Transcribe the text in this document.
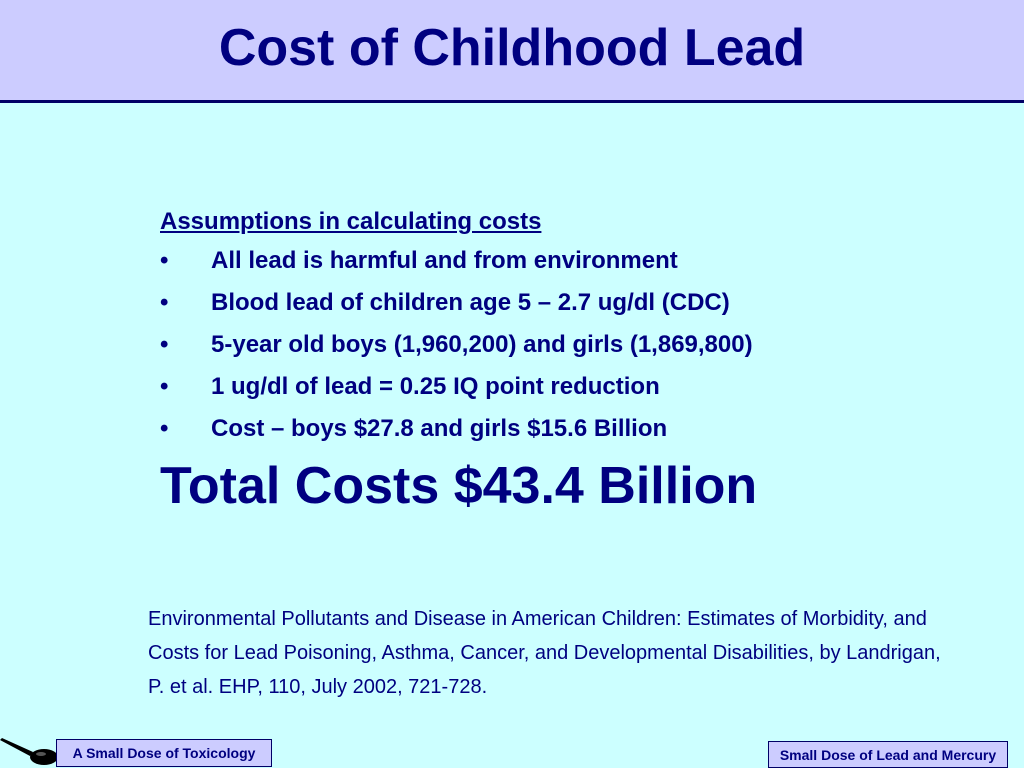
Cost of Childhood Lead
Assumptions in calculating costs
• All lead is harmful and from environment
• Blood lead of children age 5 – 2.7 ug/dl (CDC)
• 5-year old boys (1,960,200) and girls (1,869,800)
• 1 ug/dl of lead = 0.25 IQ point reduction
• Cost – boys $27.8 and girls $15.6 Billion
Total Costs $43.4 Billion
Environmental Pollutants and Disease in American Children: Estimates of Morbidity, and Costs for Lead Poisoning, Asthma, Cancer, and Developmental Disabilities, by Landrigan, P. et al. EHP, 110, July 2002, 721-728.
A Small Dose of Toxicology	Small Dose of Lead and Mercury
